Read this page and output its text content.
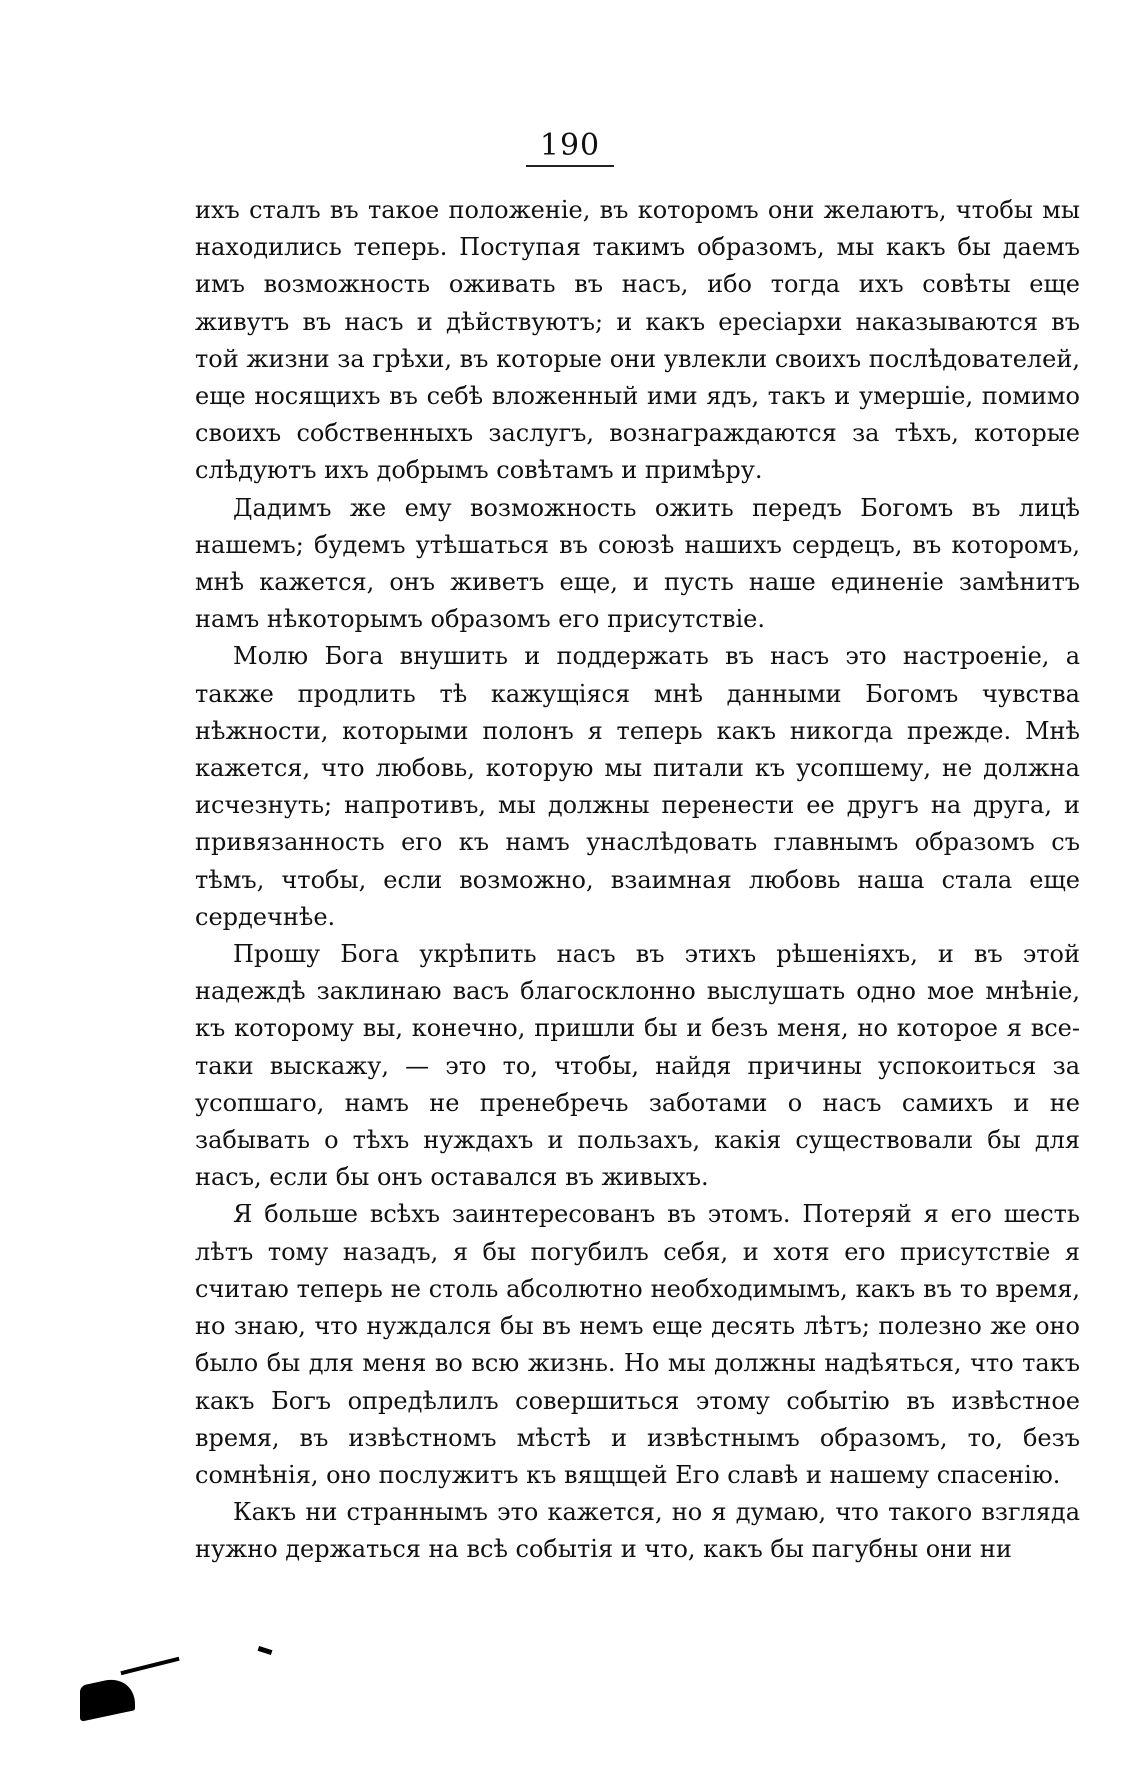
190

ихъ сталъ въ такое положеніе, въ которомъ они желаютъ, чтобы мы находились теперь. Поступая такимъ образомъ, мы какъ бы даемъ имъ возможность оживать въ насъ, ибо тогда ихъ совѣты еще живутъ въ насъ и дѣйствуютъ; и какъ ересіархи наказываются въ той жизни за грѣхи, въ которые они увлекли своихъ послѣдователей, еще носящихъ въ себѣ вложенный ими ядъ, такъ и умершіе, помимо своихъ собственныхъ заслугъ, вознаграждаются за тѣхъ, которые слѣдуютъ ихъ добрымъ совѣтамъ и примѣру.

Дадимъ же ему возможность ожить передъ Богомъ въ лицѣ нашемъ; будемъ утѣшаться въ союзѣ нашихъ сердецъ, въ которомъ, мнѣ кажется, онъ живетъ еще, и пусть наше единеніе замѣнитъ намъ нѣкоторымъ образомъ его присутствіе.

Молю Бога внушить и поддержать въ насъ это настроеніе, а также продлить тѣ кажущіяся мнѣ данными Богомъ чувства нѣжности, которыми полонъ я теперь какъ никогда прежде. Мнѣ кажется, что любовь, которую мы питали къ усопшему, не должна исчезнуть; напротивъ, мы должны перенести ее другъ на друга, и привязанность его къ намъ унаслѣдовать главнымъ образомъ съ тѣмъ, чтобы, если возможно, взаимная любовь наша стала еще сердечнѣе.

Прошу Бога укрѣпить насъ въ этихъ рѣшеніяхъ, и въ этой надеждѣ заклинаю васъ благосклонно выслушать одно мое мнѣніе, къ которому вы, конечно, пришли бы и безъ меня, но которое я все-таки выскажу, — это то, чтобы, найдя причины успокоиться за усопшаго, намъ не пренебречь заботами о насъ самихъ и не забывать о тѣхъ нуждахъ и пользахъ, какія существовали бы для насъ, если бы онъ оставался въ живыхъ.

Я больше всѣхъ заинтересованъ въ этомъ. Потеряй я его шесть лѣтъ тому назадъ, я бы погубилъ себя, и хотя его присутствіе я считаю теперь не столь абсолютно необходимымъ, какъ въ то время, но знаю, что нуждался бы въ немъ еще десять лѣтъ; полезно же оно было бы для меня во всю жизнь. Но мы должны надѣяться, что такъ какъ Богъ опредѣлилъ совершиться этому событію въ извѣстное время, въ извѣстномъ мѣстѣ и извѣстнымъ образомъ, то, безъ сомнѣнія, оно послужитъ къ вящщей Его славѣ и нашему спасенію.

Какъ ни страннымъ это кажется, но я думаю, что такого взгляда нужно держаться на всѣ событія и что, какъ бы пагубны они ни
